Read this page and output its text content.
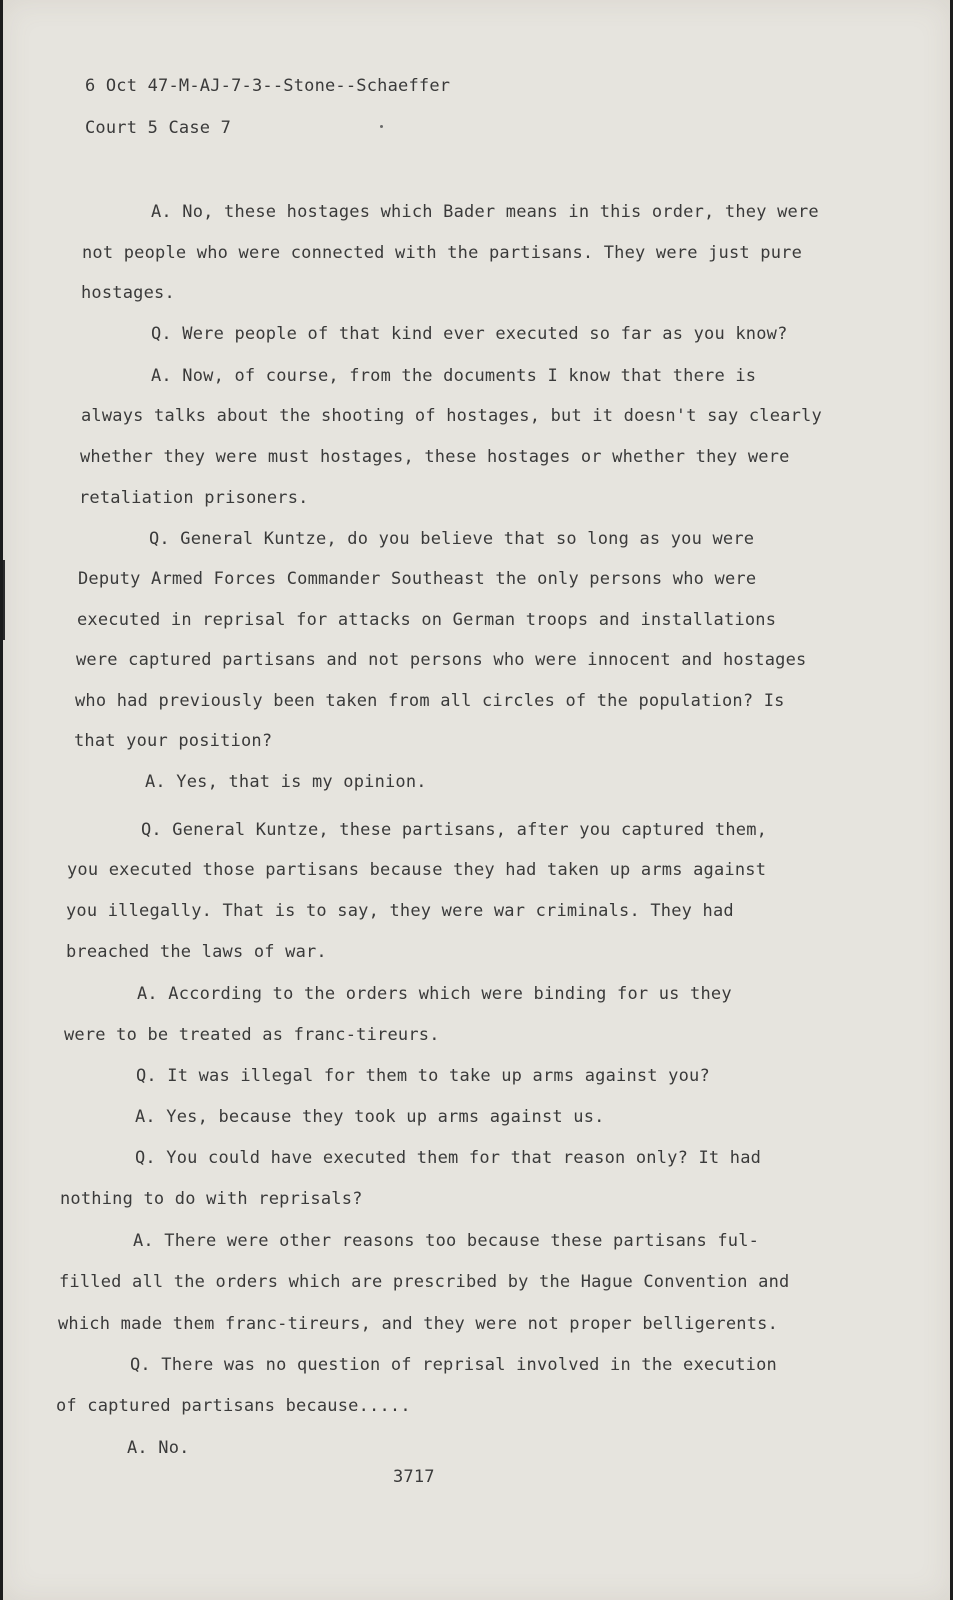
6 Oct 47-M-AJ-7-3--Stone--Schaeffer
Court 5 Case 7
A. No, these hostages which Bader means in this order, they were
not people who were connected with the partisans. They were just pure
hostages.
Q. Were people of that kind ever executed so far as you know?
A. Now, of course, from the documents I know that there is
always talks about the shooting of hostages, but it doesn't say clearly
whether they were must hostages, these hostages or whether they were
retaliation prisoners.
Q. General Kuntze, do you believe that so long as you were
Deputy Armed Forces Commander Southeast the only persons who were
executed in reprisal for attacks on German troops and installations
were captured partisans and not persons who were innocent and hostages
who had previously been taken from all circles of the population? Is
that your position?
A. Yes, that is my opinion.
Q. General Kuntze, these partisans, after you captured them,
you executed those partisans because they had taken up arms against
you illegally. That is to say, they were war criminals. They had
breached the laws of war.
A. According to the orders which were binding for us they
were to be treated as franc-tireurs.
Q. It was illegal for them to take up arms against you?
A. Yes, because they took up arms against us.
Q. You could have executed them for that reason only? It had
nothing to do with reprisals?
A. There were other reasons too because these partisans ful-
filled all the orders which are prescribed by the Hague Convention and
which made them franc-tireurs, and they were not proper belligerents.
Q. There was no question of reprisal involved in the execution
of captured partisans because.....
A. No.
3717
